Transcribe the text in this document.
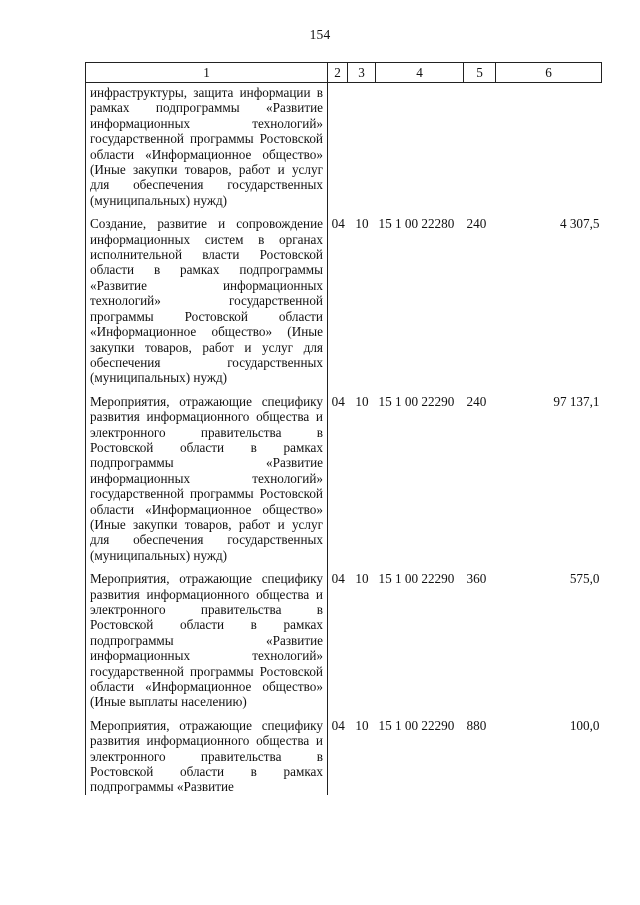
154
1	2	3	4	5	6
инфраструктуры, защита информации в рамках подпрограммы «Развитие информационных технологий» государственной программы Ростовской области «Информационное общество» (Иные закупки товаров, работ и услуг для обеспечения государственных (муниципальных) нужд)					
Создание, развитие и сопровождение информационных систем в органах исполнительной власти Ростовской области в рамках подпрограммы «Развитие информационных технологий» государственной программы Ростовской области «Информационное общество» (Иные закупки товаров, работ и услуг для обеспечения государственных (муниципальных) нужд)	04	10	15 1 00 22280	240	4 307,5
Мероприятия, отражающие специфику развития информационного общества и электронного правительства в Ростовской области в рамках подпрограммы «Развитие информационных технологий» государственной программы Ростовской области «Информационное общество» (Иные закупки товаров, работ и услуг для обеспечения государственных (муниципальных) нужд)	04	10	15 1 00 22290	240	97 137,1
Мероприятия, отражающие специфику развития информационного общества и электронного правительства в Ростовской области в рамках подпрограммы «Развитие информационных технологий» государственной программы Ростовской области «Информационное общество» (Иные выплаты населению)	04	10	15 1 00 22290	360	575,0
Мероприятия, отражающие специфику развития информационного общества и электронного правительства в Ростовской области в рамках подпрограммы «Развитие	04	10	15 1 00 22290	880	100,0
